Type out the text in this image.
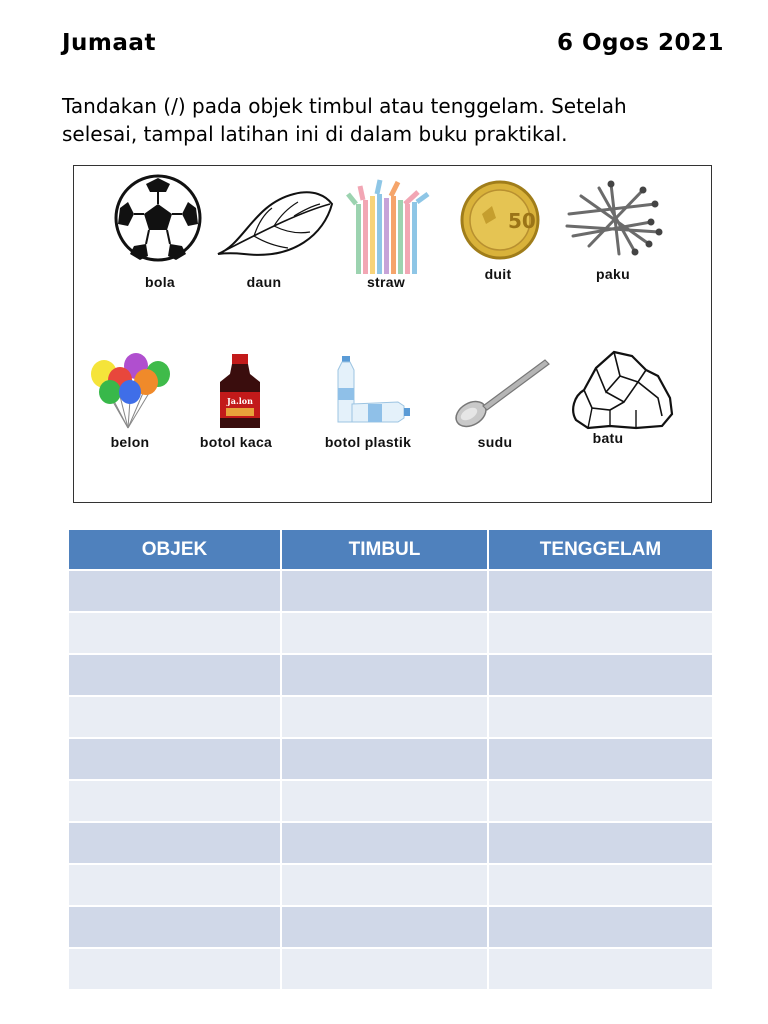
Jumaat	6 Ogos 2021
Tandakan (/) pada objek timbul atau tenggelam. Setelah
selesai, tampal latihan ini di dalam buku praktikal.
bola	daun	straw
50
duit	paku
belon
Ja.lon
botol kaca	botol plastik	sudu	batu
OBJEK	TIMBUL	TENGGELAM
